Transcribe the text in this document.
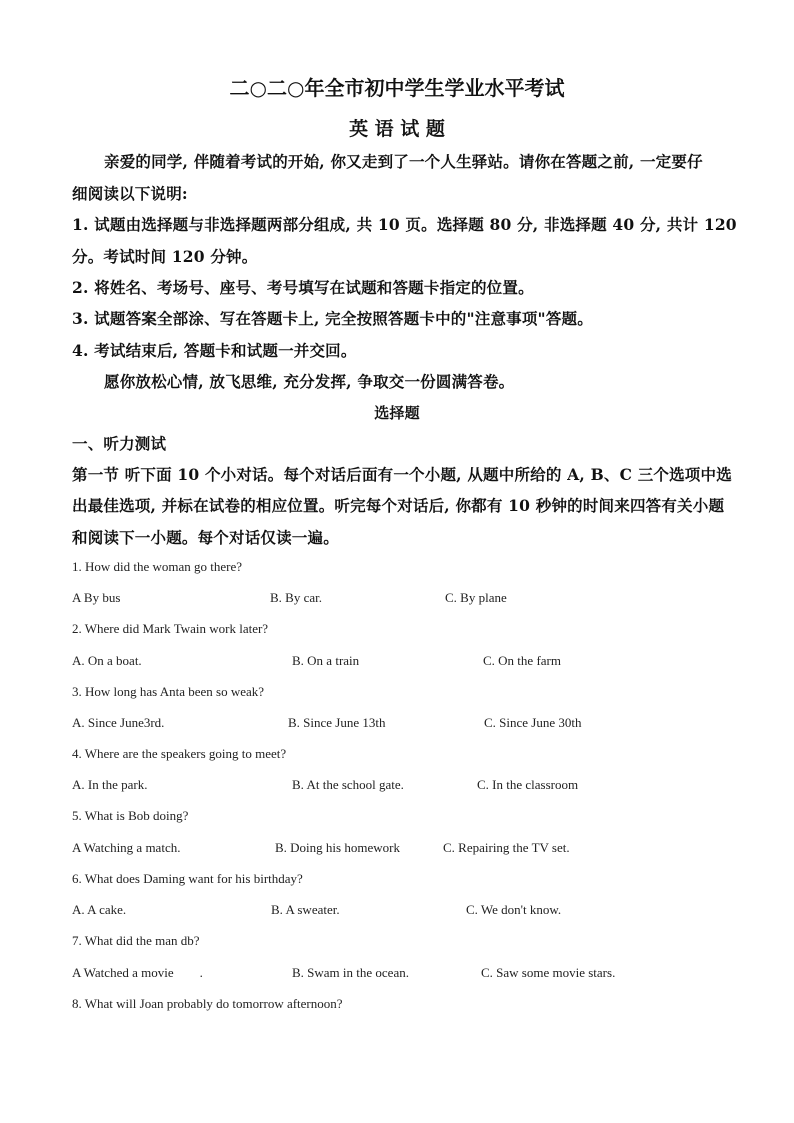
二○二○年全市初中学生学业水平考试
英 语 试 题
亲爱的同学, 伴随着考试的开始, 你又走到了一个人生驿站。请你在答题之前, 一定要仔
细阅读以下说明:
1. 试题由选择题与非选择题两部分组成, 共 10 页。选择题 80 分, 非选择题 40 分, 共计 120
分。考试时间 120 分钟。
2. 将姓名、考场号、座号、考号填写在试题和答题卡指定的位置。
3. 试题答案全部涂、写在答题卡上, 完全按照答题卡中的"注意事项"答题。
4. 考试结束后, 答题卡和试题一并交回。
愿你放松心情, 放飞思维, 充分发挥, 争取交一份圆满答卷。
选择题
一、听力测试
第一节 听下面 10 个小对话。每个对话后面有一个小题, 从题中所给的 A, B、C 三个选项中选
出最佳选项, 并标在试卷的相应位置。听完每个对话后, 你都有 10 秒钟的时间来四答有关小题
和阅读下一小题。每个对话仅读一遍。
1. How did the woman go there?
A By bus	B. By car.	C. By plane
2. Where did Mark Twain work later?
A. On a boat.	B. On a train	C. On the farm
3. How long has Anta been so weak?
A. Since June3rd.	B. Since June 13th	C. Since June 30th
4. Where are the speakers going to meet?
A. In the park.	B. At the school gate.	C. In the classroom
5. What is Bob doing?
A Watching a match.	B. Doing his homework	C. Repairing the TV set.
6. What does Daming want for his birthday?
A. A cake.	B. A sweater.	C. We don't know.
7. What did the man db?
A Watched a movie        .	B. Swam in the ocean.	C. Saw some movie stars.
8. What will Joan probably do tomorrow afternoon?
